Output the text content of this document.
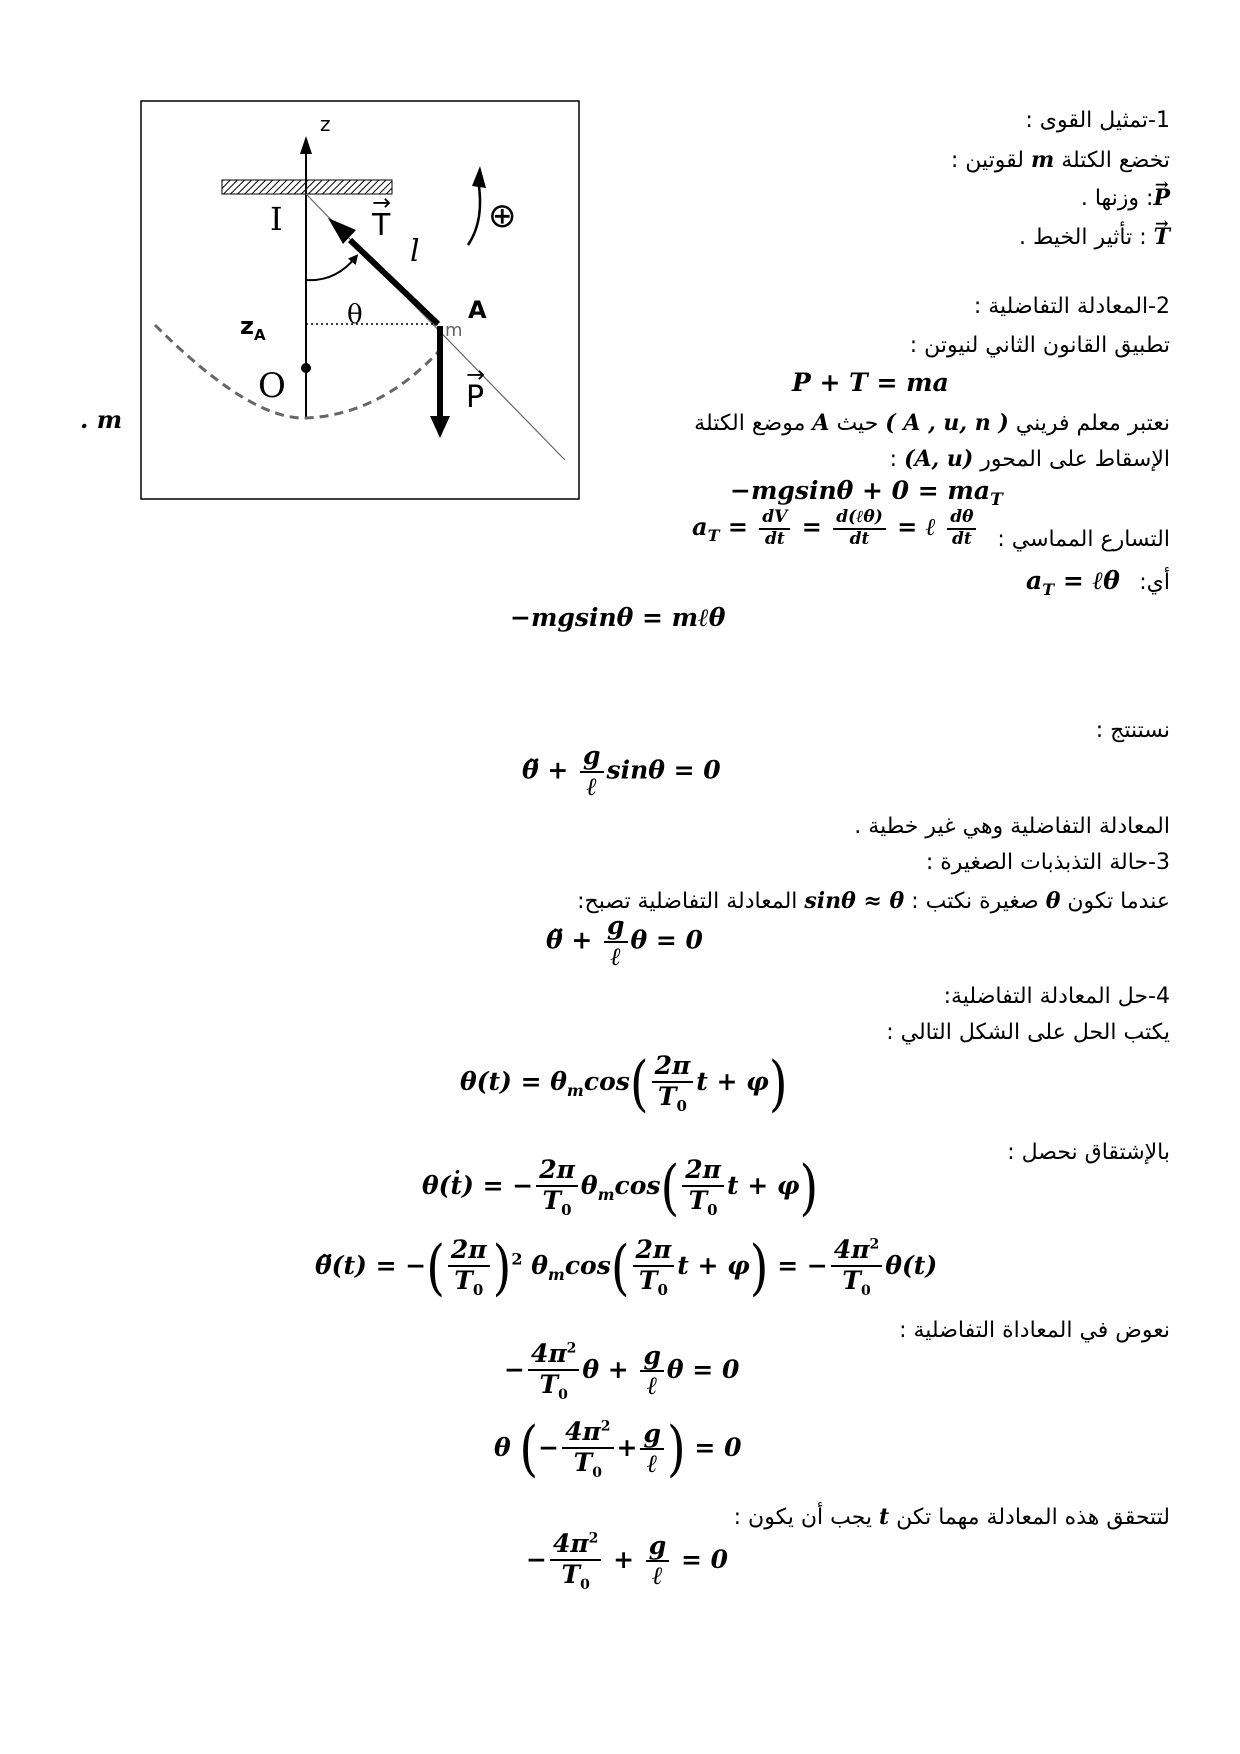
z
I	→ T
l
⊕
θ	A
m
$z_A$
O	→ P
. m
1-تمثيل القوى :
تخضع الكتلة m لقوتين :
→ P: وزنها .
→ T : تأثير الخيط .
2-المعادلة التفاضلية :
تطبيق القانون الثاني لنيوتن :
P + T = ma
نعتبر معلم فريني ( A , u, n ) حيث A موضع الكتلة
الإسقاط على المحور (A, u) :
$-mgsin\theta + 0 = ma_T$
التسارع المماسي :
$a_T = \frac{dV}{dt} = \frac{\text{d(ℓθ)}}{dt}$ = ℓ $\frac{d\theta}{dt}$
أي:
$a_T$ = ℓθ
−mgsinθ = mℓθ
نستنتج :
θ̈ + $\frac{g}{\text{ℓ}}$ sinθ = 0
المعادلة التفاضلية وهي غير خطية .
3-حالة التذبذبات الصغيرة :
عندما تكون θ صغيرة نكتب : sinθ ≈ θ المعادلة التفاضلية تصبح:
θ̈ + $\frac{g}{\text{ℓ}}$ θ = 0
4-حل المعادلة التفاضلية:
يكتب الحل على الشكل التالي :
$\theta(t) = \theta_m\cos( \frac{2\pi}{T_0}$ t + φ)
بالإشتقاق نحصل :
θ(ṫ) = − $\frac{2\pi}{T_0} \theta_m\cos( \frac{2\pi}{T_0}$ t + φ)
θ̈(t) = −( $\frac{2\pi}{T_0} )^2$ $\theta_m\cos( \frac{2\pi}{T_0}$ t + φ) = − $\frac{4\pi^2}{T_0} \theta(t)$
نعوض في المعاداة التفاضلية :
− $\frac{4\pi^2}{T_0}$ $\theta + \frac{g}{\text{ℓ}}$ θ = 0
θ (− $\frac{4\pi^2}{T_0} + \frac{g}{\text{ℓ}}$ ) = 0
لتتحقق هذه المعادلة مهما تكن t يجب أن يكون :
− $\frac{4\pi^2}{T_0} + \frac{g}{\text{ℓ}} = 0$
